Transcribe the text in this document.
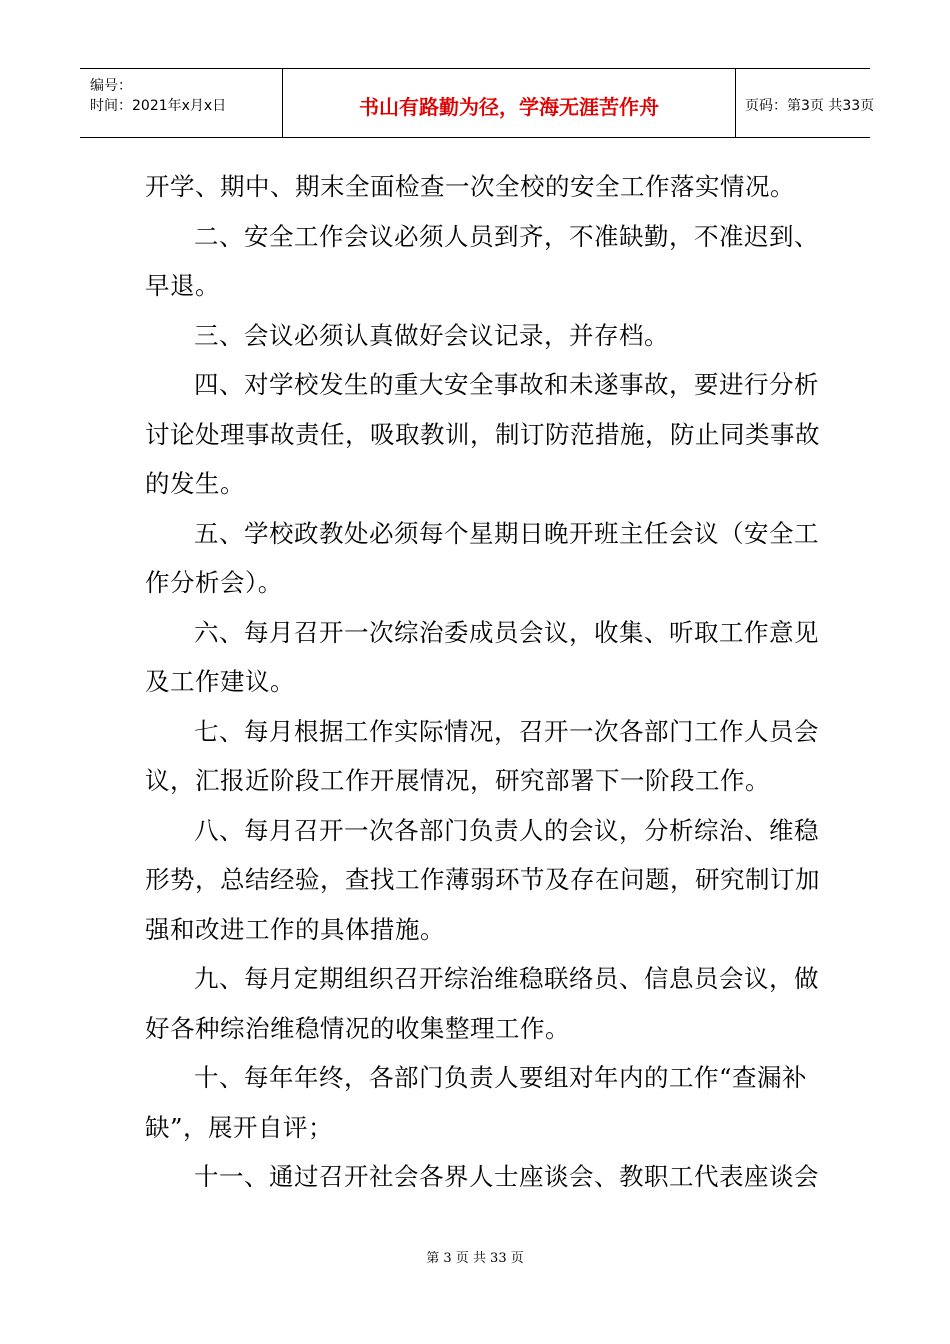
编号：
时间：2021年x月x日	书山有路勤为径，学海无涯苦作舟	页码：第3页 共33页
开学、期中、期末全面检查一次全校的安全工作落实情况。
二、安全工作会议必须人员到齐，不准缺勤，不准迟到、
早退。
三、会议必须认真做好会议记录，并存档。
四、对学校发生的重大安全事故和未遂事故，要进行分析
讨论处理事故责任，吸取教训，制订防范措施，防止同类事故
的发生。
五、学校政教处必须每个星期日晚开班主任会议（安全工
作分析会）。
六、每月召开一次综治委成员会议，收集、听取工作意见
及工作建议。
七、每月根据工作实际情况，召开一次各部门工作人员会
议，汇报近阶段工作开展情况，研究部署下一阶段工作。
八、每月召开一次各部门负责人的会议，分析综治、维稳
形势，总结经验，查找工作薄弱环节及存在问题，研究制订加
强和改进工作的具体措施。
九、每月定期组织召开综治维稳联络员、信息员会议，做
好各种综治维稳情况的收集整理工作。
十、每年年终，各部门负责人要组对年内的工作“查漏补
缺”，展开自评；
十一、通过召开社会各界人士座谈会、教职工代表座谈会
第 3 页 共 33 页
